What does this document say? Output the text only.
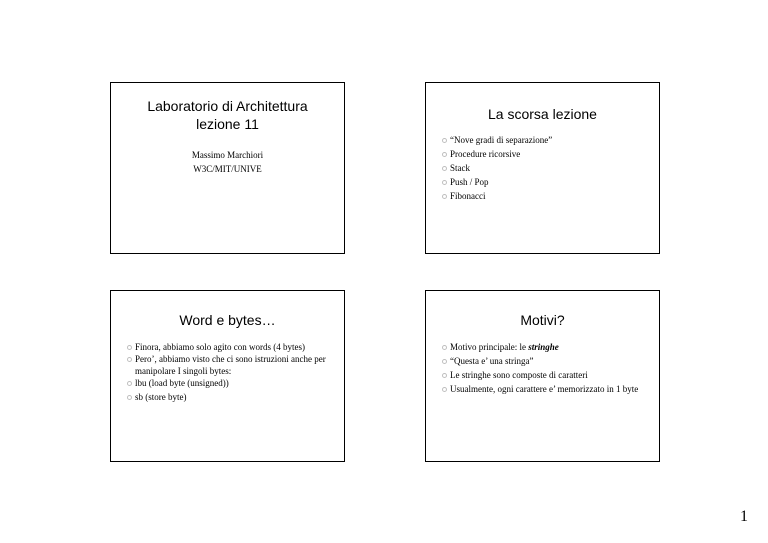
Laboratorio di Architettura
lezione 11
Massimo Marchiori
W3C/MIT/UNIVE
La scorsa lezione
“Nove gradi di separazione”
Procedure ricorsive
Stack
Push / Pop
Fibonacci
Word e bytes…
Finora, abbiamo solo agito con words (4 bytes)
Pero’, abbiamo visto che ci sono istruzioni anche per manipolare I singoli bytes:
lbu (load byte (unsigned))
sb (store byte)
Motivi?
Motivo principale: le stringhe
“Questa e’ una stringa”
Le stringhe sono composte di caratteri
Usualmente, ogni carattere e’ memorizzato in 1 byte
1
